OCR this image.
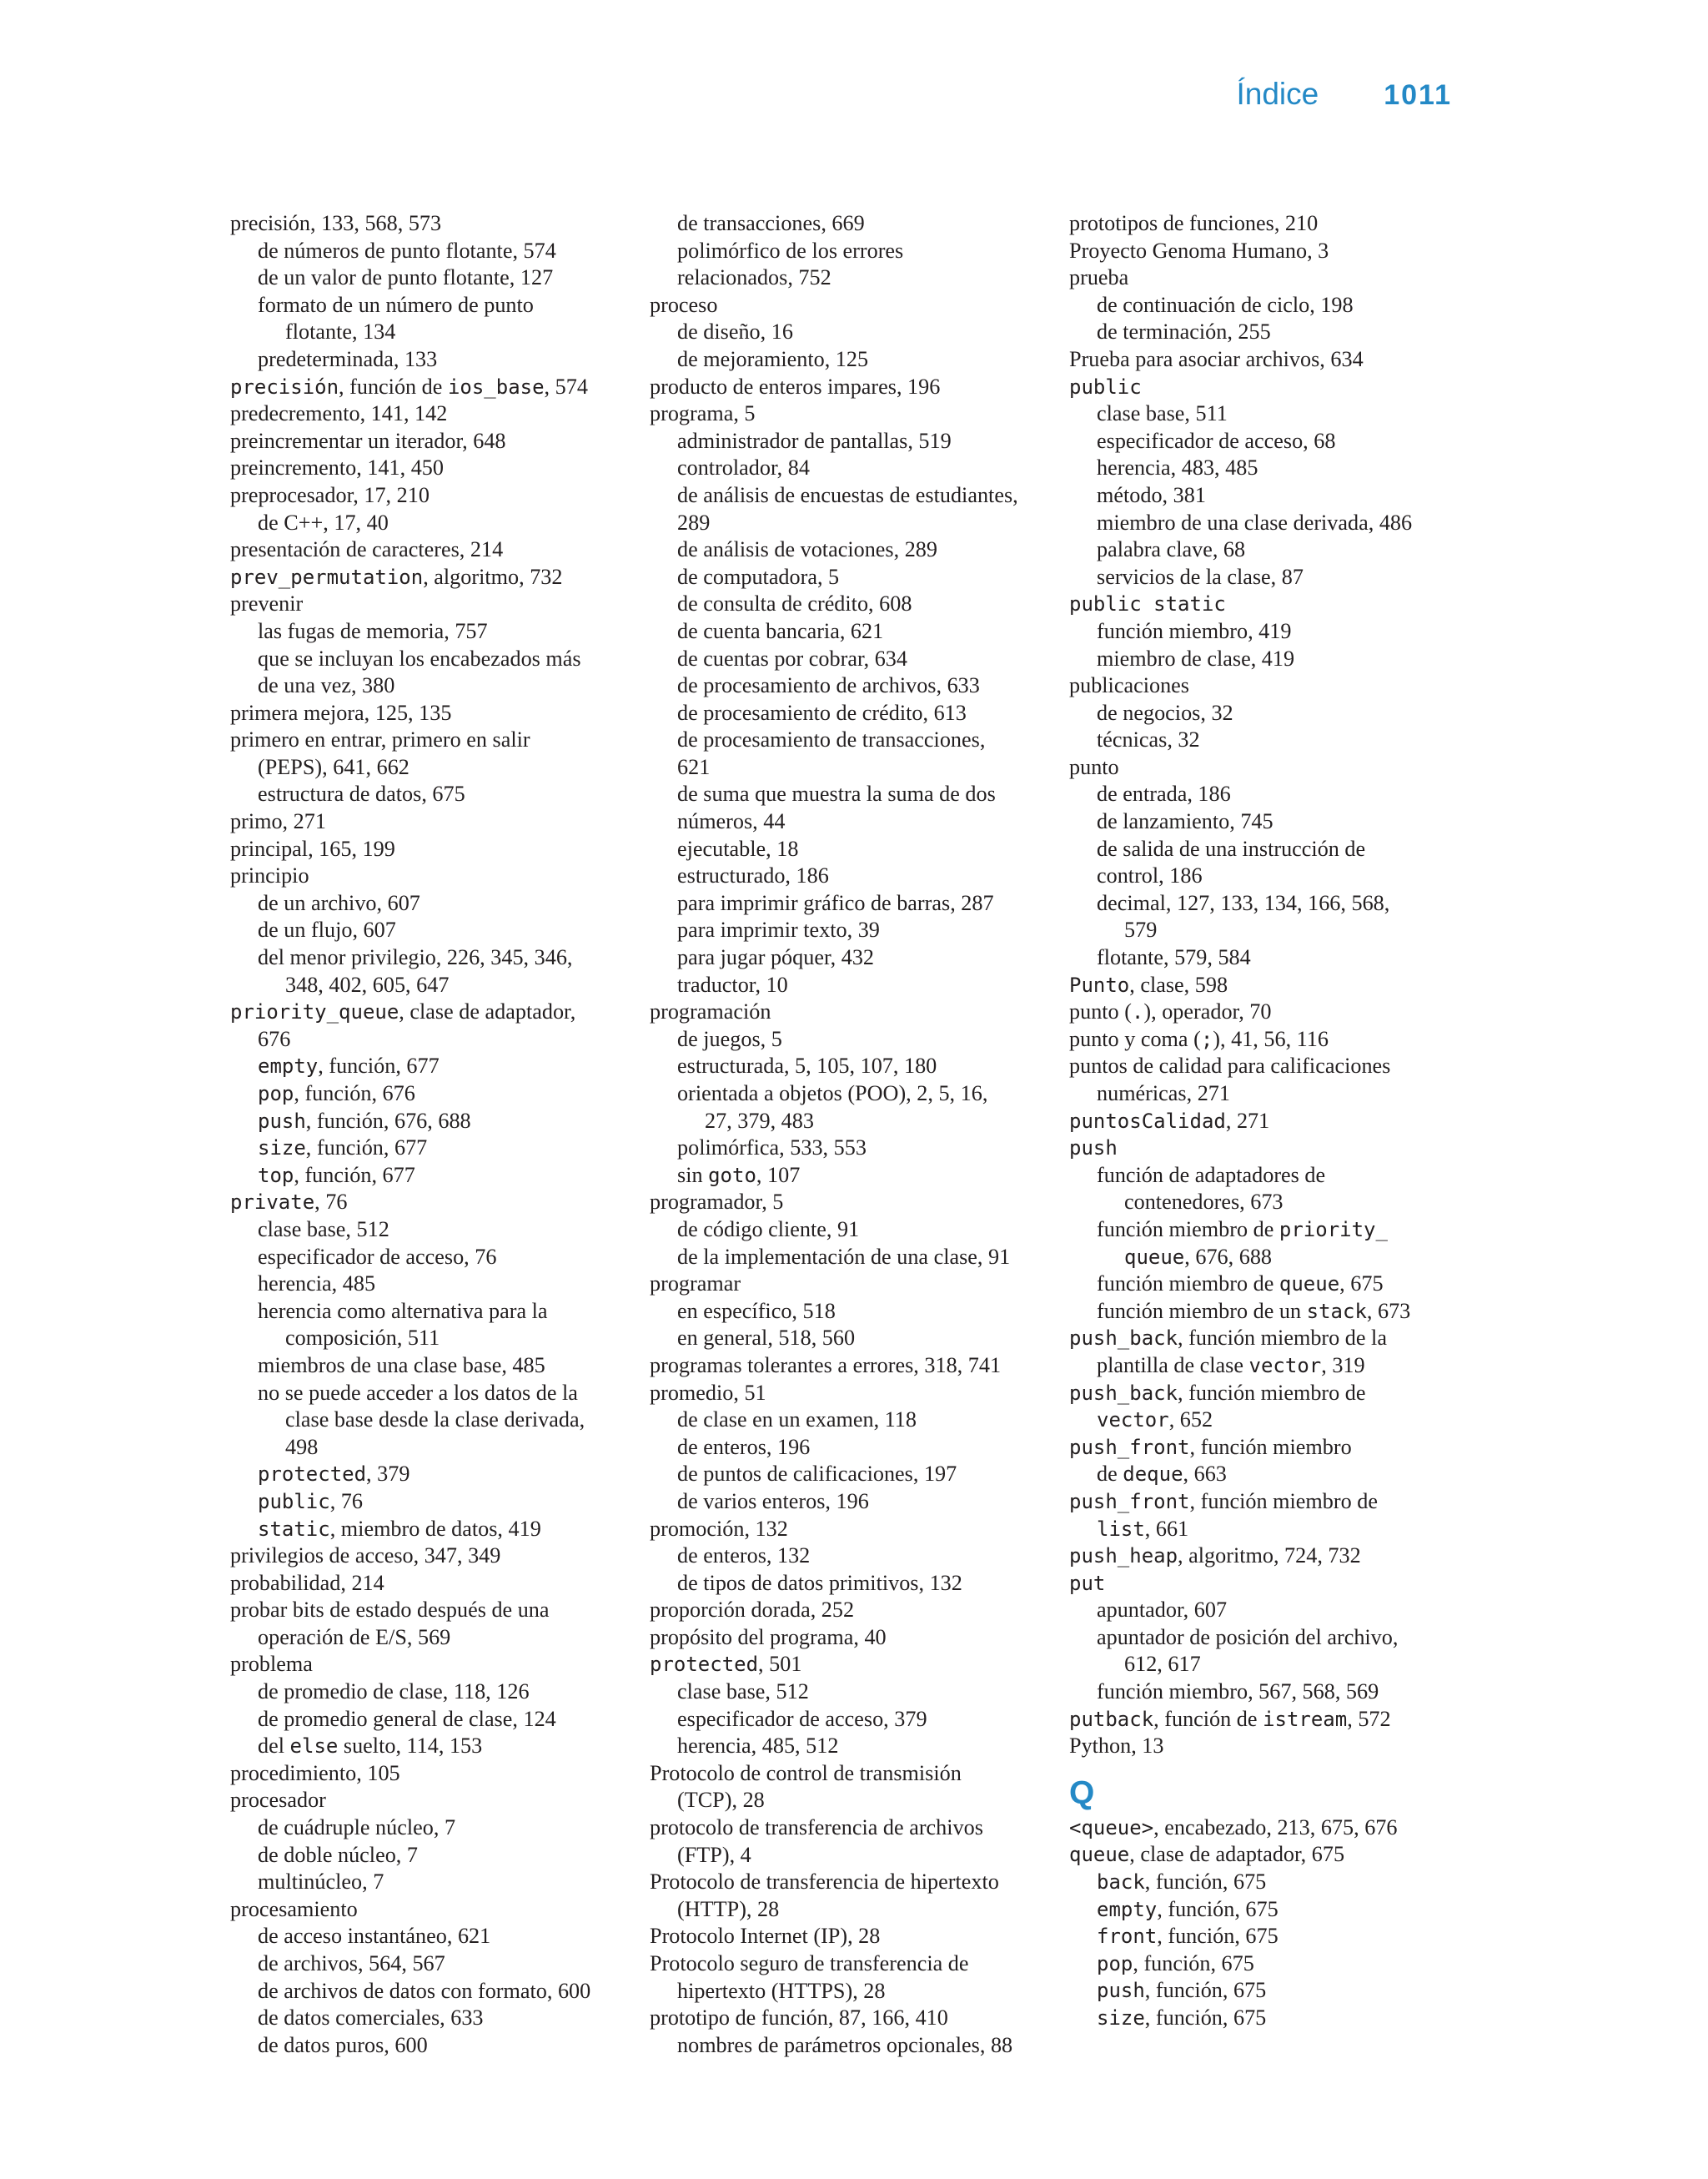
Índice 1011
precisión, 133, 568, 573
de números de punto flotante, 574
de un valor de punto flotante, 127
formato de un número de punto
flotante, 134
predeterminada, 133
precisión, función de ios_base, 574
predecremento, 141, 142
preincrementar un iterador, 648
preincremento, 141, 450
preprocesador, 17, 210
de C++, 17, 40
presentación de caracteres, 214
prev_permutation, algoritmo, 732
prevenir
las fugas de memoria, 757
que se incluyan los encabezados más
de una vez, 380
primera mejora, 125, 135
primero en entrar, primero en salir
(PEPS), 641, 662
estructura de datos, 675
primo, 271
principal, 165, 199
principio
de un archivo, 607
de un flujo, 607
del menor privilegio, 226, 345, 346,
348, 402, 605, 647
priority_queue, clase de adaptador,
676
empty, función, 677
pop, función, 676
push, función, 676, 688
size, función, 677
top, función, 677
private, 76
clase base, 512
especificador de acceso, 76
herencia, 485
herencia como alternativa para la
composición, 511
miembros de una clase base, 485
no se puede acceder a los datos de la
clase base desde la clase derivada,
498
protected, 379
public, 76
static, miembro de datos, 419
privilegios de acceso, 347, 349
probabilidad, 214
probar bits de estado después de una
operación de E/S, 569
problema
de promedio de clase, 118, 126
de promedio general de clase, 124
del else suelto, 114, 153
procedimiento, 105
procesador
de cuádruple núcleo, 7
de doble núcleo, 7
multinúcleo, 7
procesamiento
de acceso instantáneo, 621
de archivos, 564, 567
de archivos de datos con formato, 600
de datos comerciales, 633
de datos puros, 600
de transacciones, 669
polimórfico de los errores
relacionados, 752
proceso
de diseño, 16
de mejoramiento, 125
producto de enteros impares, 196
programa, 5
administrador de pantallas, 519
controlador, 84
de análisis de encuestas de estudiantes,
289
de análisis de votaciones, 289
de computadora, 5
de consulta de crédito, 608
de cuenta bancaria, 621
de cuentas por cobrar, 634
de procesamiento de archivos, 633
de procesamiento de crédito, 613
de procesamiento de transacciones,
621
de suma que muestra la suma de dos
números, 44
ejecutable, 18
estructurado, 186
para imprimir gráfico de barras, 287
para imprimir texto, 39
para jugar póquer, 432
traductor, 10
programación
de juegos, 5
estructurada, 5, 105, 107, 180
orientada a objetos (POO), 2, 5, 16,
27, 379, 483
polimórfica, 533, 553
sin goto, 107
programador, 5
de código cliente, 91
de la implementación de una clase, 91
programar
en específico, 518
en general, 518, 560
programas tolerantes a errores, 318, 741
promedio, 51
de clase en un examen, 118
de enteros, 196
de puntos de calificaciones, 197
de varios enteros, 196
promoción, 132
de enteros, 132
de tipos de datos primitivos, 132
proporción dorada, 252
propósito del programa, 40
protected, 501
clase base, 512
especificador de acceso, 379
herencia, 485, 512
Protocolo de control de transmisión
(TCP), 28
protocolo de transferencia de archivos
(FTP), 4
Protocolo de transferencia de hipertexto
(HTTP), 28
Protocolo Internet (IP), 28
Protocolo seguro de transferencia de
hipertexto (HTTPS), 28
prototipo de función, 87, 166, 410
nombres de parámetros opcionales, 88
prototipos de funciones, 210
Proyecto Genoma Humano, 3
prueba
de continuación de ciclo, 198
de terminación, 255
Prueba para asociar archivos, 634
public
clase base, 511
especificador de acceso, 68
herencia, 483, 485
método, 381
miembro de una clase derivada, 486
palabra clave, 68
servicios de la clase, 87
public static
función miembro, 419
miembro de clase, 419
publicaciones
de negocios, 32
técnicas, 32
punto
de entrada, 186
de lanzamiento, 745
de salida de una instrucción de
control, 186
decimal, 127, 133, 134, 166, 568,
579
flotante, 579, 584
Punto, clase, 598
punto (.), operador, 70
punto y coma (;), 41, 56, 116
puntos de calidad para calificaciones
numéricas, 271
puntosCalidad, 271
push
función de adaptadores de
contenedores, 673
función miembro de priority_
queue, 676, 688
función miembro de queue, 675
función miembro de un stack, 673
push_back, función miembro de la
plantilla de clase vector, 319
push_back, función miembro de
vector, 652
push_front, función miembro
de deque, 663
push_front, función miembro de
list, 661
push_heap, algoritmo, 724, 732
put
apuntador, 607
apuntador de posición del archivo,
612, 617
función miembro, 567, 568, 569
putback, función de istream, 572
Python, 13
Q
<queue>, encabezado, 213, 675, 676
queue, clase de adaptador, 675
back, función, 675
empty, función, 675
front, función, 675
pop, función, 675
push, función, 675
size, función, 675
